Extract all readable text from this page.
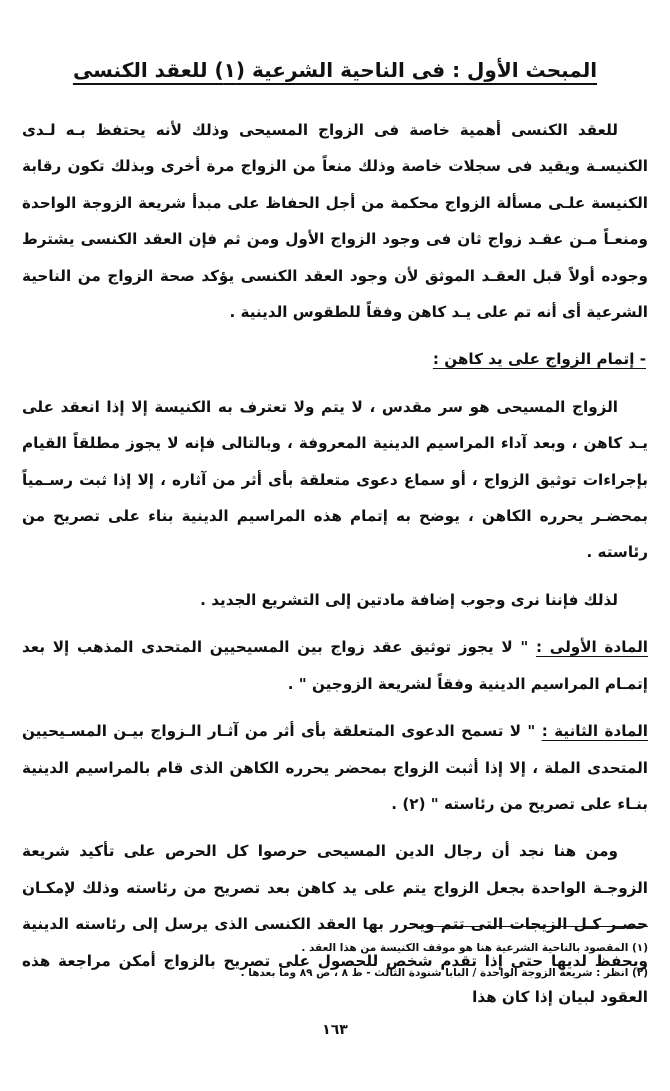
المبحث الأول : فى الناحية الشرعية (١) للعقد الكنسى

للعقد الكنسى أهمية خاصة فى الزواج المسيحى وذلك لأنه يحتفظ بـه لـدى الكنيسـة ويقيد فى سجلات خاصة وذلك منعاً من الزواج مرة أخرى وبذلك تكون رقابة الكنيسة علـى مسألة الزواج محكمة من أجل الحفاظ على مبدأ شريعة الزوجة الواحدة ومنعـاً مـن عقـد زواج ثان فى وجود الزواج الأول ومن ثم فإن العقد الكنسى يشترط وجوده أولاً قبل العقـد الموثق لأن وجود العقد الكنسى يؤكد صحة الزواج من الناحية الشرعية أى أنه تم على يـد كاهن وفقاً للطقوس الدينية .

- إتمام الزواج على يد كاهن :

الزواج المسيحى هو سر مقدس ، لا يتم ولا تعترف به الكنيسة إلا إذا انعقد على يـد كاهن ، وبعد آداء المراسيم الدينية المعروفة ، وبالتالى فإنه لا يجوز مطلقاً القيام بإجراءات توثيق الزواج ، أو سماع دعوى متعلقة بأى أثر من آثاره ، إلا إذا ثبت رسـمياً بمحضـر يحرره الكاهن ، يوضح به إتمام هذه المراسيم الدينية بناء على تصريح من رئاسته .

لذلك فإننا نرى وجوب إضافة مادتين إلى التشريع الجديد .

المادة الأولى : " لا يجوز توثيق عقد زواج بين المسيحيين المتحدى المذهب إلا بعد إتمـام المراسيم الدينية وفقاً لشريعة الزوجين " .

المادة الثانية : " لا تسمح الدعوى المتعلقة بأى أثر من آثـار الـزواج بيـن المسـيحيين المتحدى الملة ، إلا إذا أثبت الزواج بمحضر يحرره الكاهن الذى قام بالمراسيم الدينية بنـاء على تصريح من رئاسته " (٢) .

ومن هنا نجد أن رجال الدين المسيحى حرصوا كل الحرص على تأكيد شريعة الزوجـة الواحدة بجعل الزواج يتم على يد كاهن بعد تصريح من رئاسته وذلك لإمكـان حصـر كـل الزيجات التى تتم ويحرر بها العقد الكنسى الذى يرسل إلى رئاسته الدينية ويحفظ لديها حتى إذا تقدم شخص للحصول على تصريح بالزواج أمكن مراجعة هذه العقود لبيان إذا كان هذا

(١) المقصود بالناحية الشرعية هنا هو موقف الكنيسة من هذا العقد .

(٢) انظر : شريعة الزوجة الواحدة / البابا شنودة الثالث - ط ٨ ، ص ٨٩ وما بعدها .

١٦٣
